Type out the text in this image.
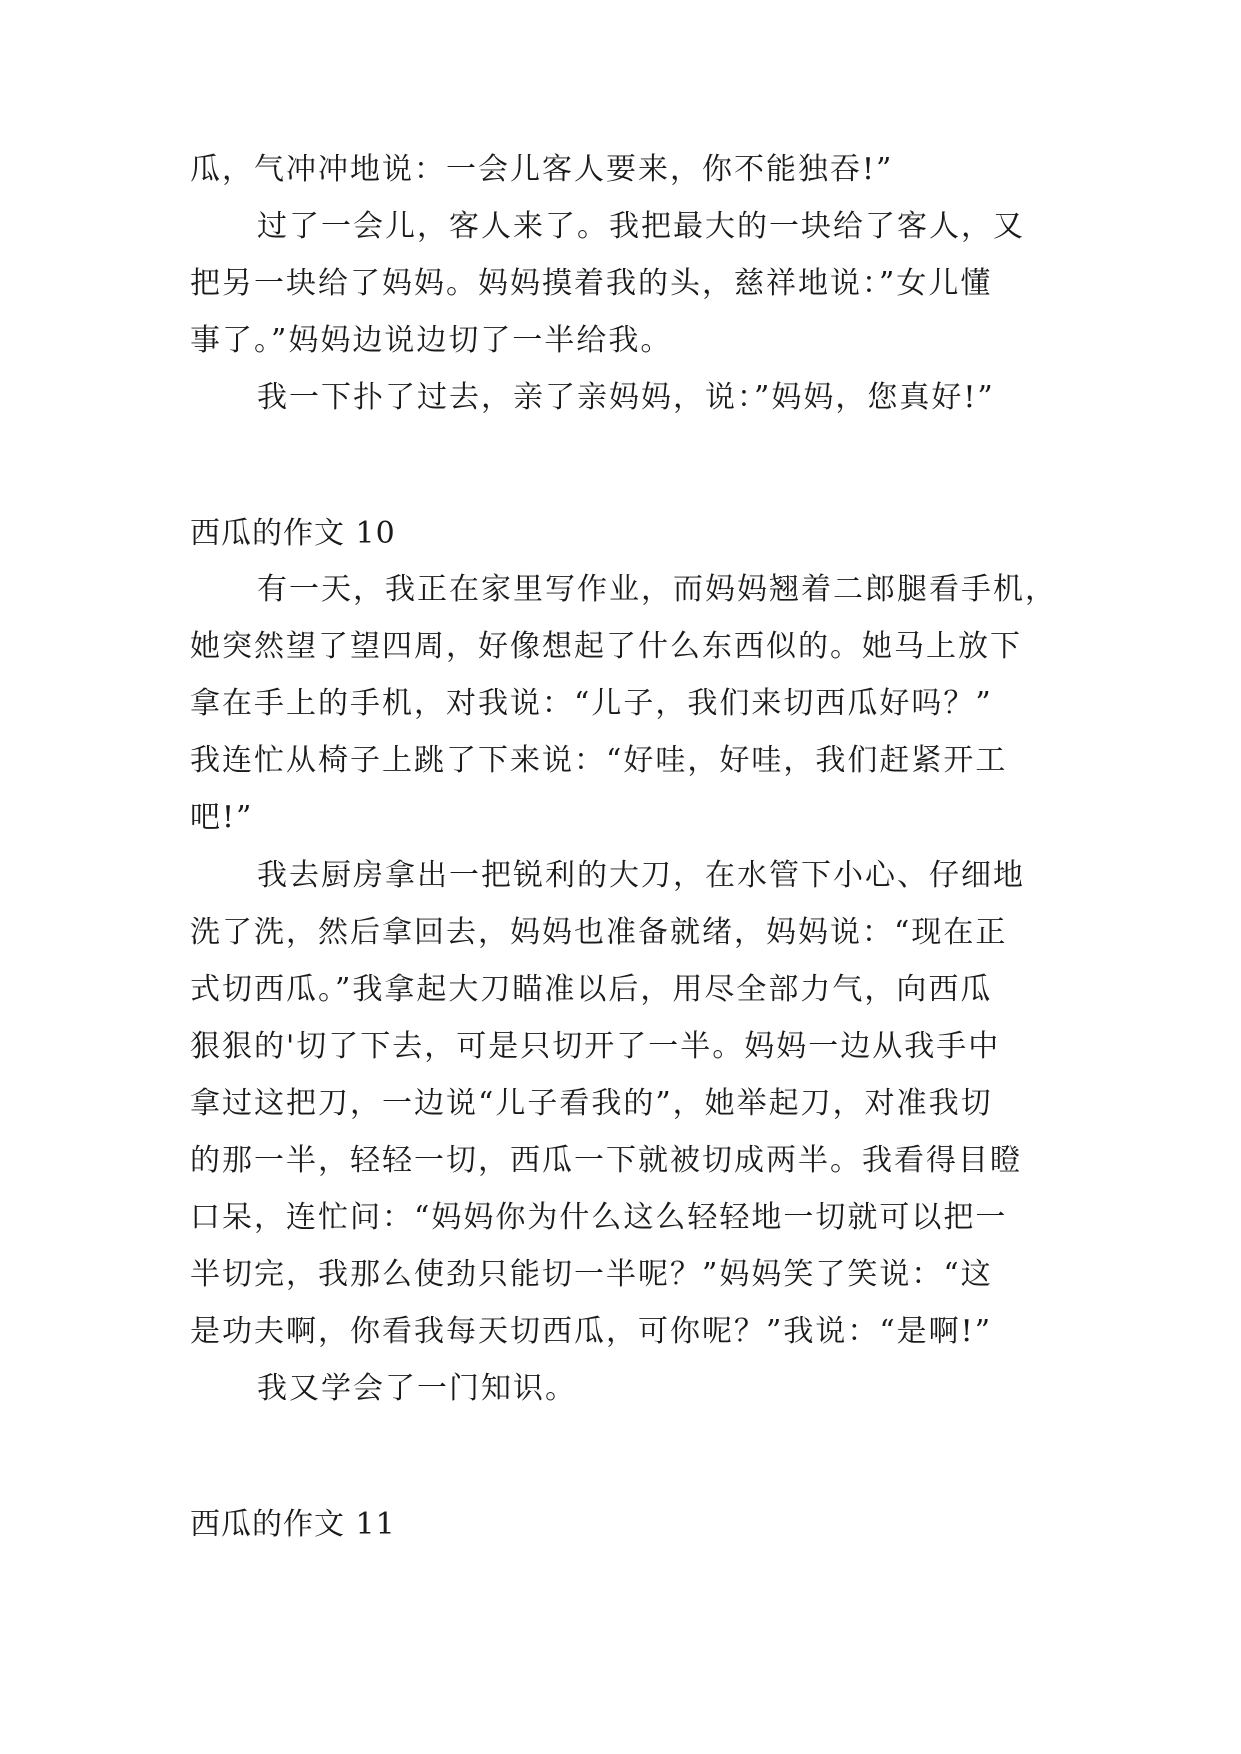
瓜，气冲冲地说：一会儿客人要来，你不能独吞!”
过了一会儿，客人来了。我把最大的一块给了客人，又
把另一块给了妈妈。妈妈摸着我的头，慈祥地说：”女儿懂
事了。”妈妈边说边切了一半给我。
我一下扑了过去，亲了亲妈妈，说：”妈妈，您真好!”
西瓜的作文 10
有一天，我正在家里写作业，而妈妈翘着二郎腿看手机，
她突然望了望四周，好像想起了什么东西似的。她马上放下
拿在手上的手机，对我说：“儿子，我们来切西瓜好吗？”
我连忙从椅子上跳了下来说：“好哇，好哇，我们赶紧开工
吧!”
我去厨房拿出一把锐利的大刀，在水管下小心、仔细地
洗了洗，然后拿回去，妈妈也准备就绪，妈妈说：“现在正
式切西瓜。”我拿起大刀瞄准以后，用尽全部力气，向西瓜
狠狠的'切了下去，可是只切开了一半。妈妈一边从我手中
拿过这把刀，一边说“儿子看我的”，她举起刀，对准我切
的那一半，轻轻一切，西瓜一下就被切成两半。我看得目瞪
口呆，连忙问：“妈妈你为什么这么轻轻地一切就可以把一
半切完，我那么使劲只能切一半呢？”妈妈笑了笑说：“这
是功夫啊，你看我每天切西瓜，可你呢？”我说：“是啊!”
我又学会了一门知识。
西瓜的作文 11
